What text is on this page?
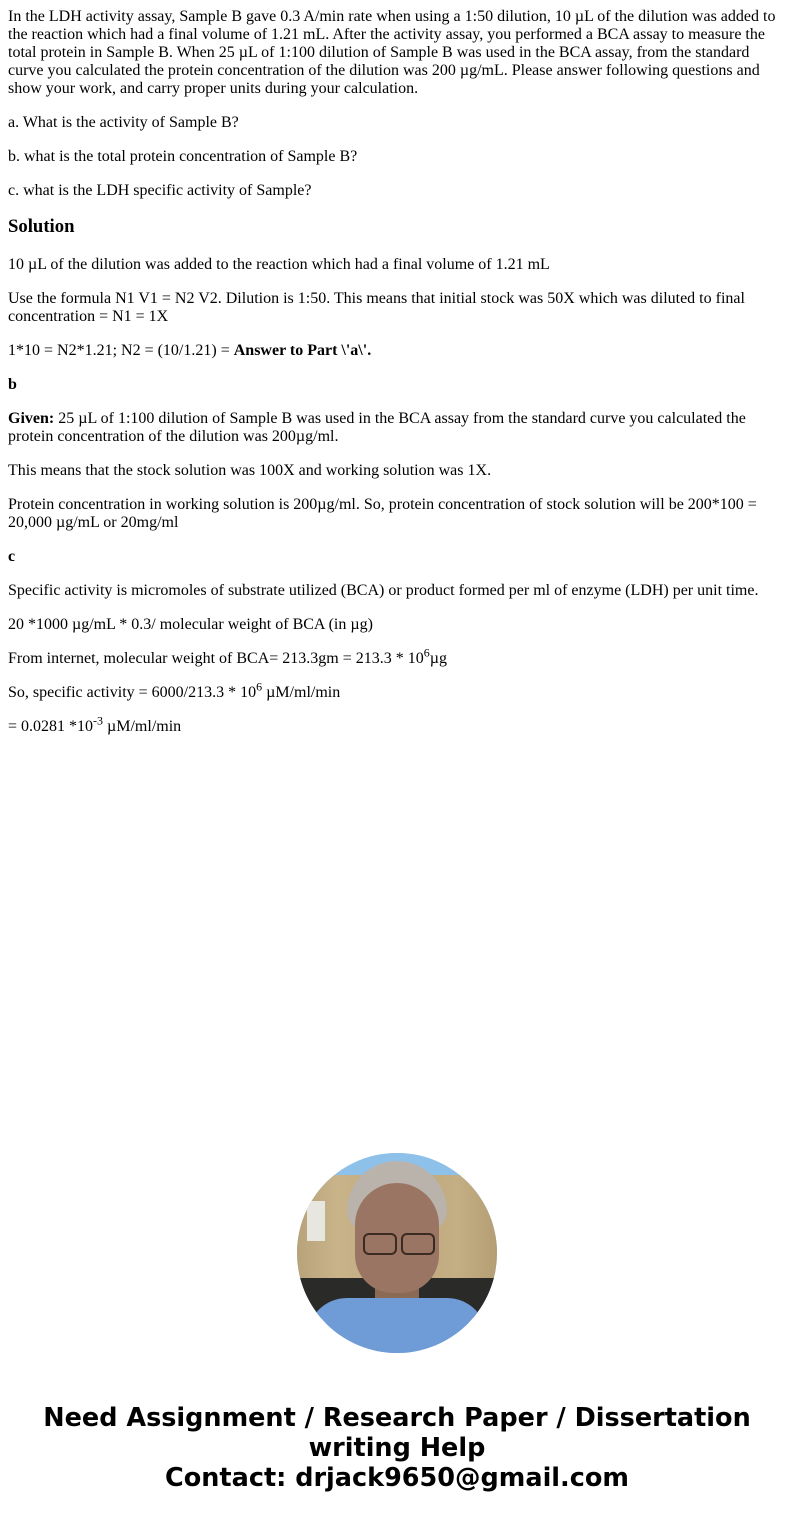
In the LDH activity assay, Sample B gave 0.3 A/min rate when using a 1:50 dilution, 10 µL of the dilution was added to the reaction which had a final volume of 1.21 mL. After the activity assay, you performed a BCA assay to measure the total protein in Sample B. When 25 µL of 1:100 dilution of Sample B was used in the BCA assay, from the standard curve you calculated the protein concentration of the dilution was 200 µg/mL. Please answer following questions and show your work, and carry proper units during your calculation.

a. What is the activity of Sample B?

b. what is the total protein concentration of Sample B?

c. what is the LDH specific activity of Sample?

Solution

10 µL of the dilution was added to the reaction which had a final volume of 1.21 mL

Use the formula N1 V1 = N2 V2. Dilution is 1:50. This means that initial stock was 50X which was diluted to final concentration = N1 = 1X

1*10 = N2*1.21; N2 = (10/1.21) = Answer to Part \'a\'.

b

Given: 25 µL of 1:100 dilution of Sample B was used in the BCA assay from the standard curve you calculated the protein concentration of the dilution was 200µg/ml.

This means that the stock solution was 100X and working solution was 1X.

Protein concentration in working solution is 200µg/ml. So, protein concentration of stock solution will be 200*100 = 20,000 µg/mL or 20mg/ml

c

Specific activity is micromoles of substrate utilized (BCA) or product formed per ml of enzyme (LDH) per unit time.

20 *1000 µg/mL * 0.3/ molecular weight of BCA (in µg)

From internet, molecular weight of $BCA= 213.3gm = 213.3 * 10^6\mu g$

So, specific activity = $6000/213.3 * 10^6$ µM/ml/min

= 0.0281 $*10^{-3}$ µM/ml/min

Need Assignment / Research Paper / Dissertation
writing Help
Contact: drjack9650@gmail.com
